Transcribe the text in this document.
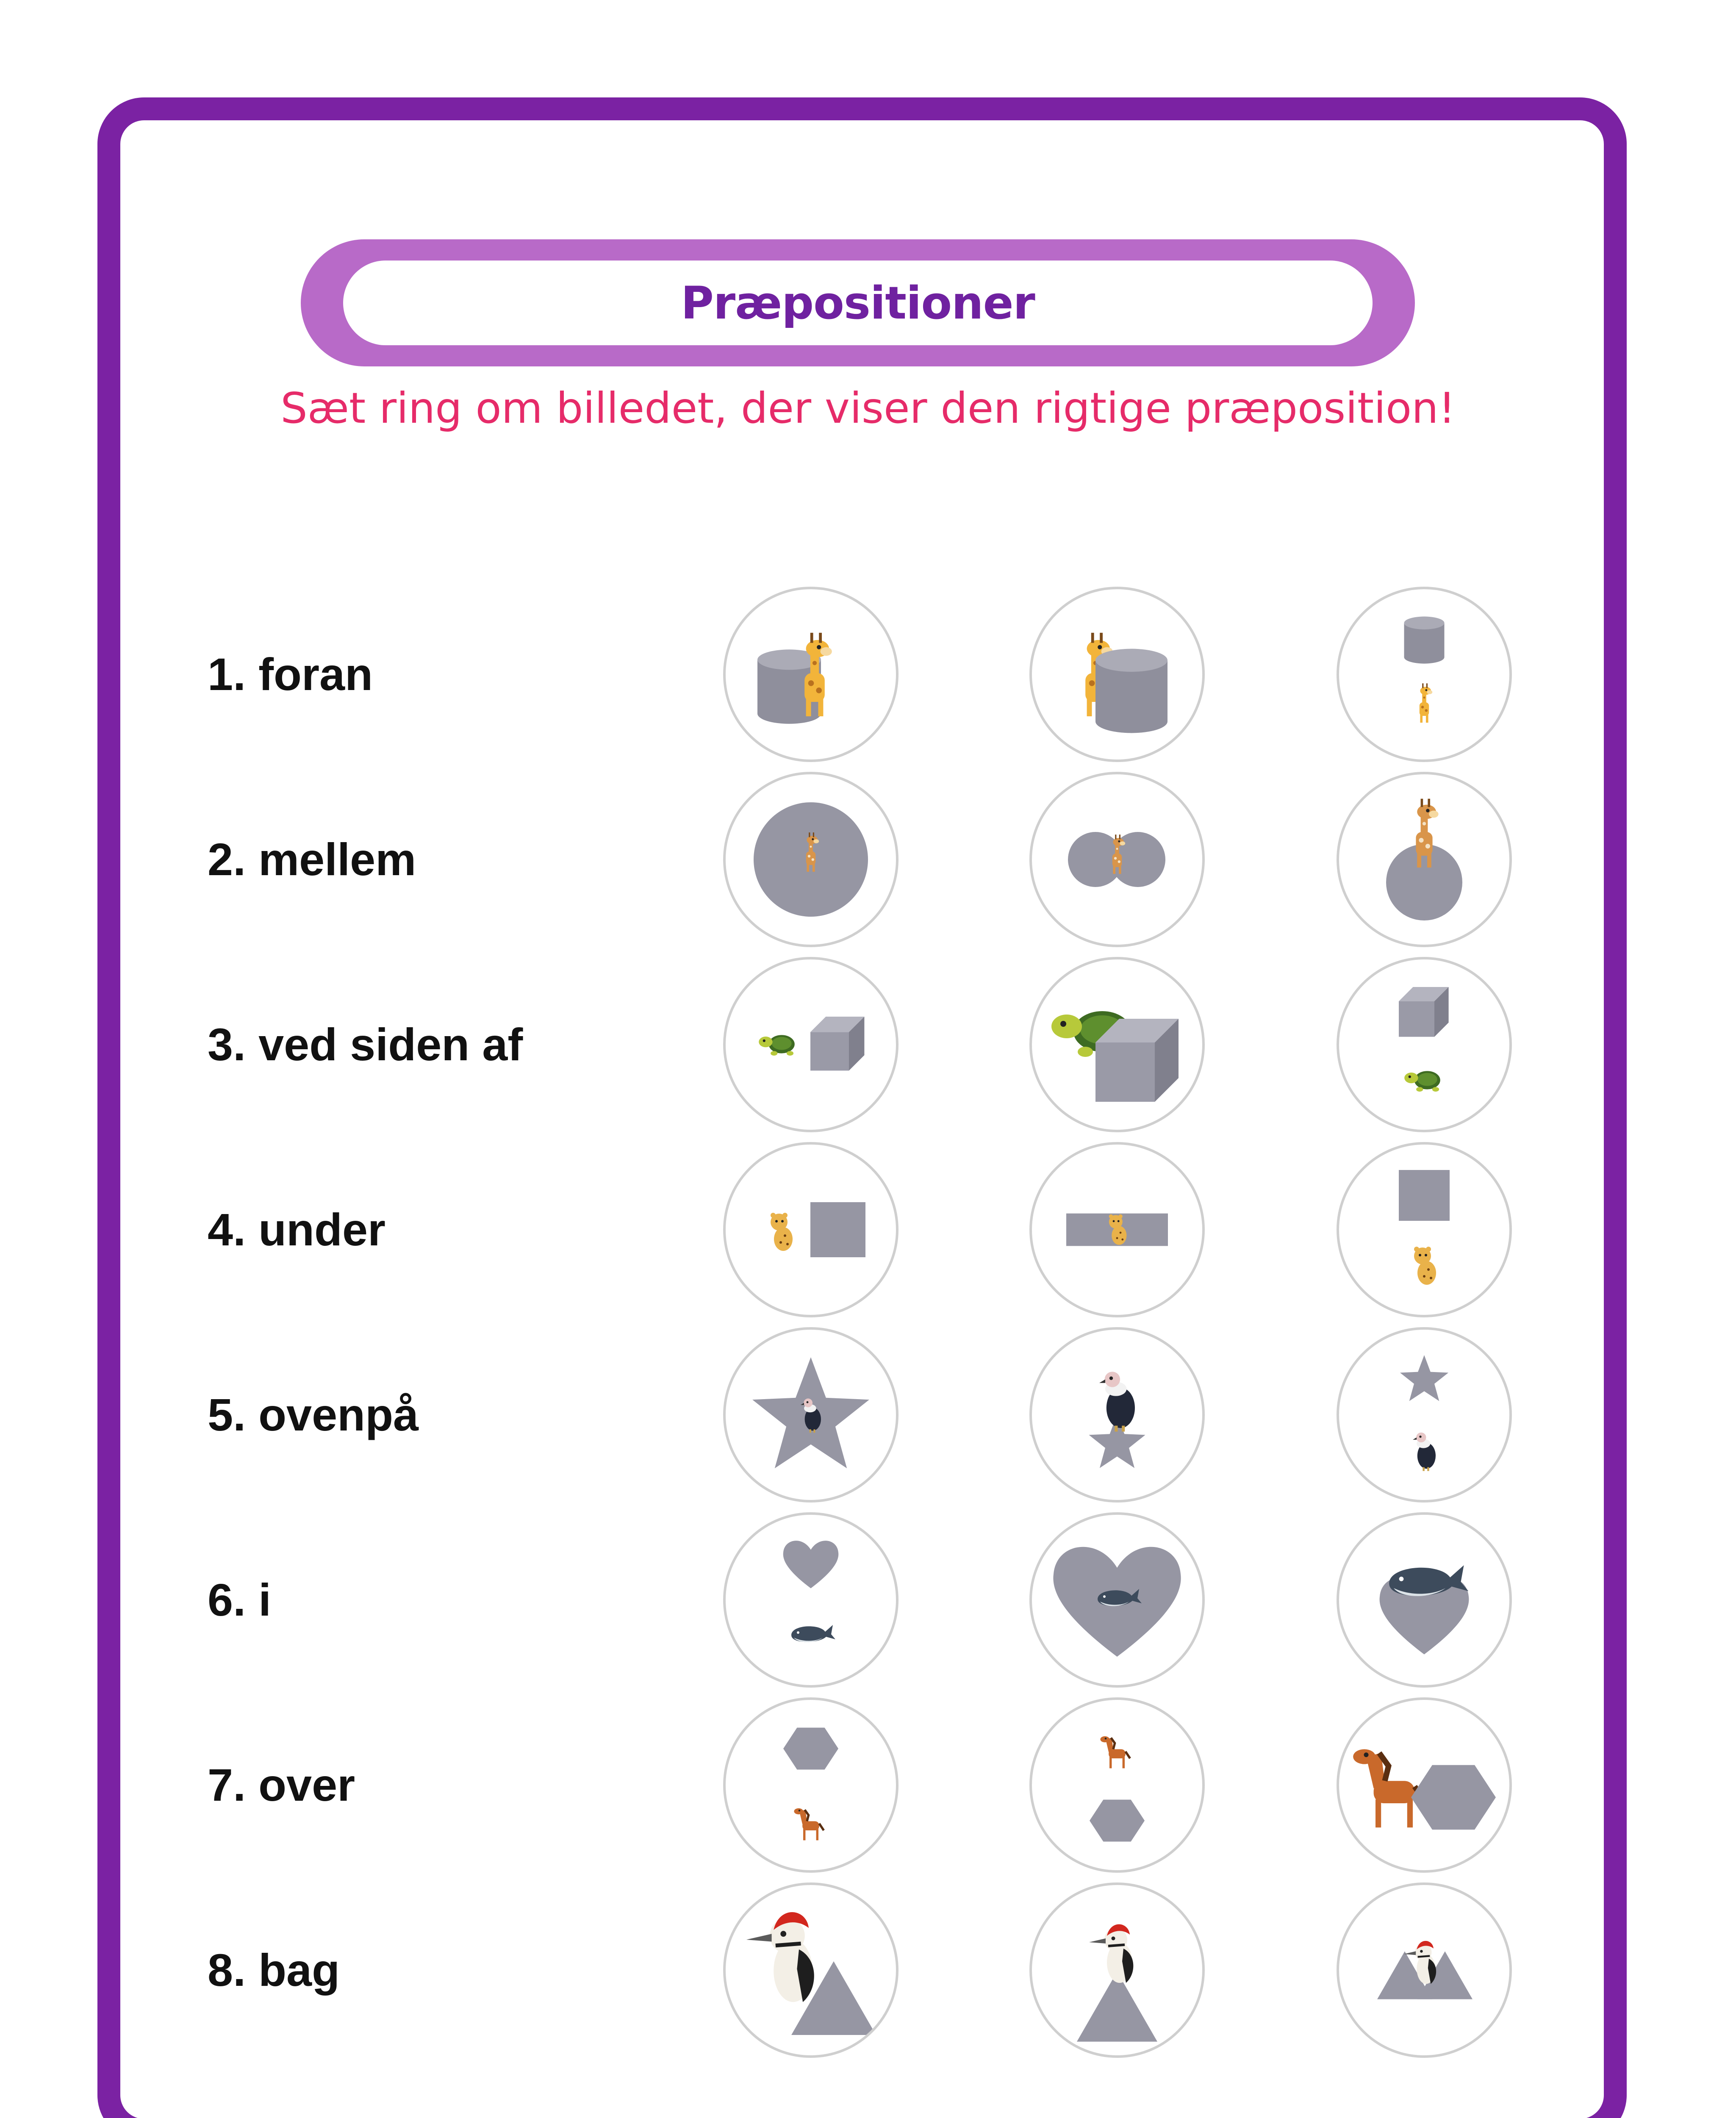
Præpositioner
Sæt ring om billedet, der viser den rigtige præposition!
1. foran
2. mellem
3. ved siden af
4. under
5. ovenpå
6. i
7. over
8. bag
